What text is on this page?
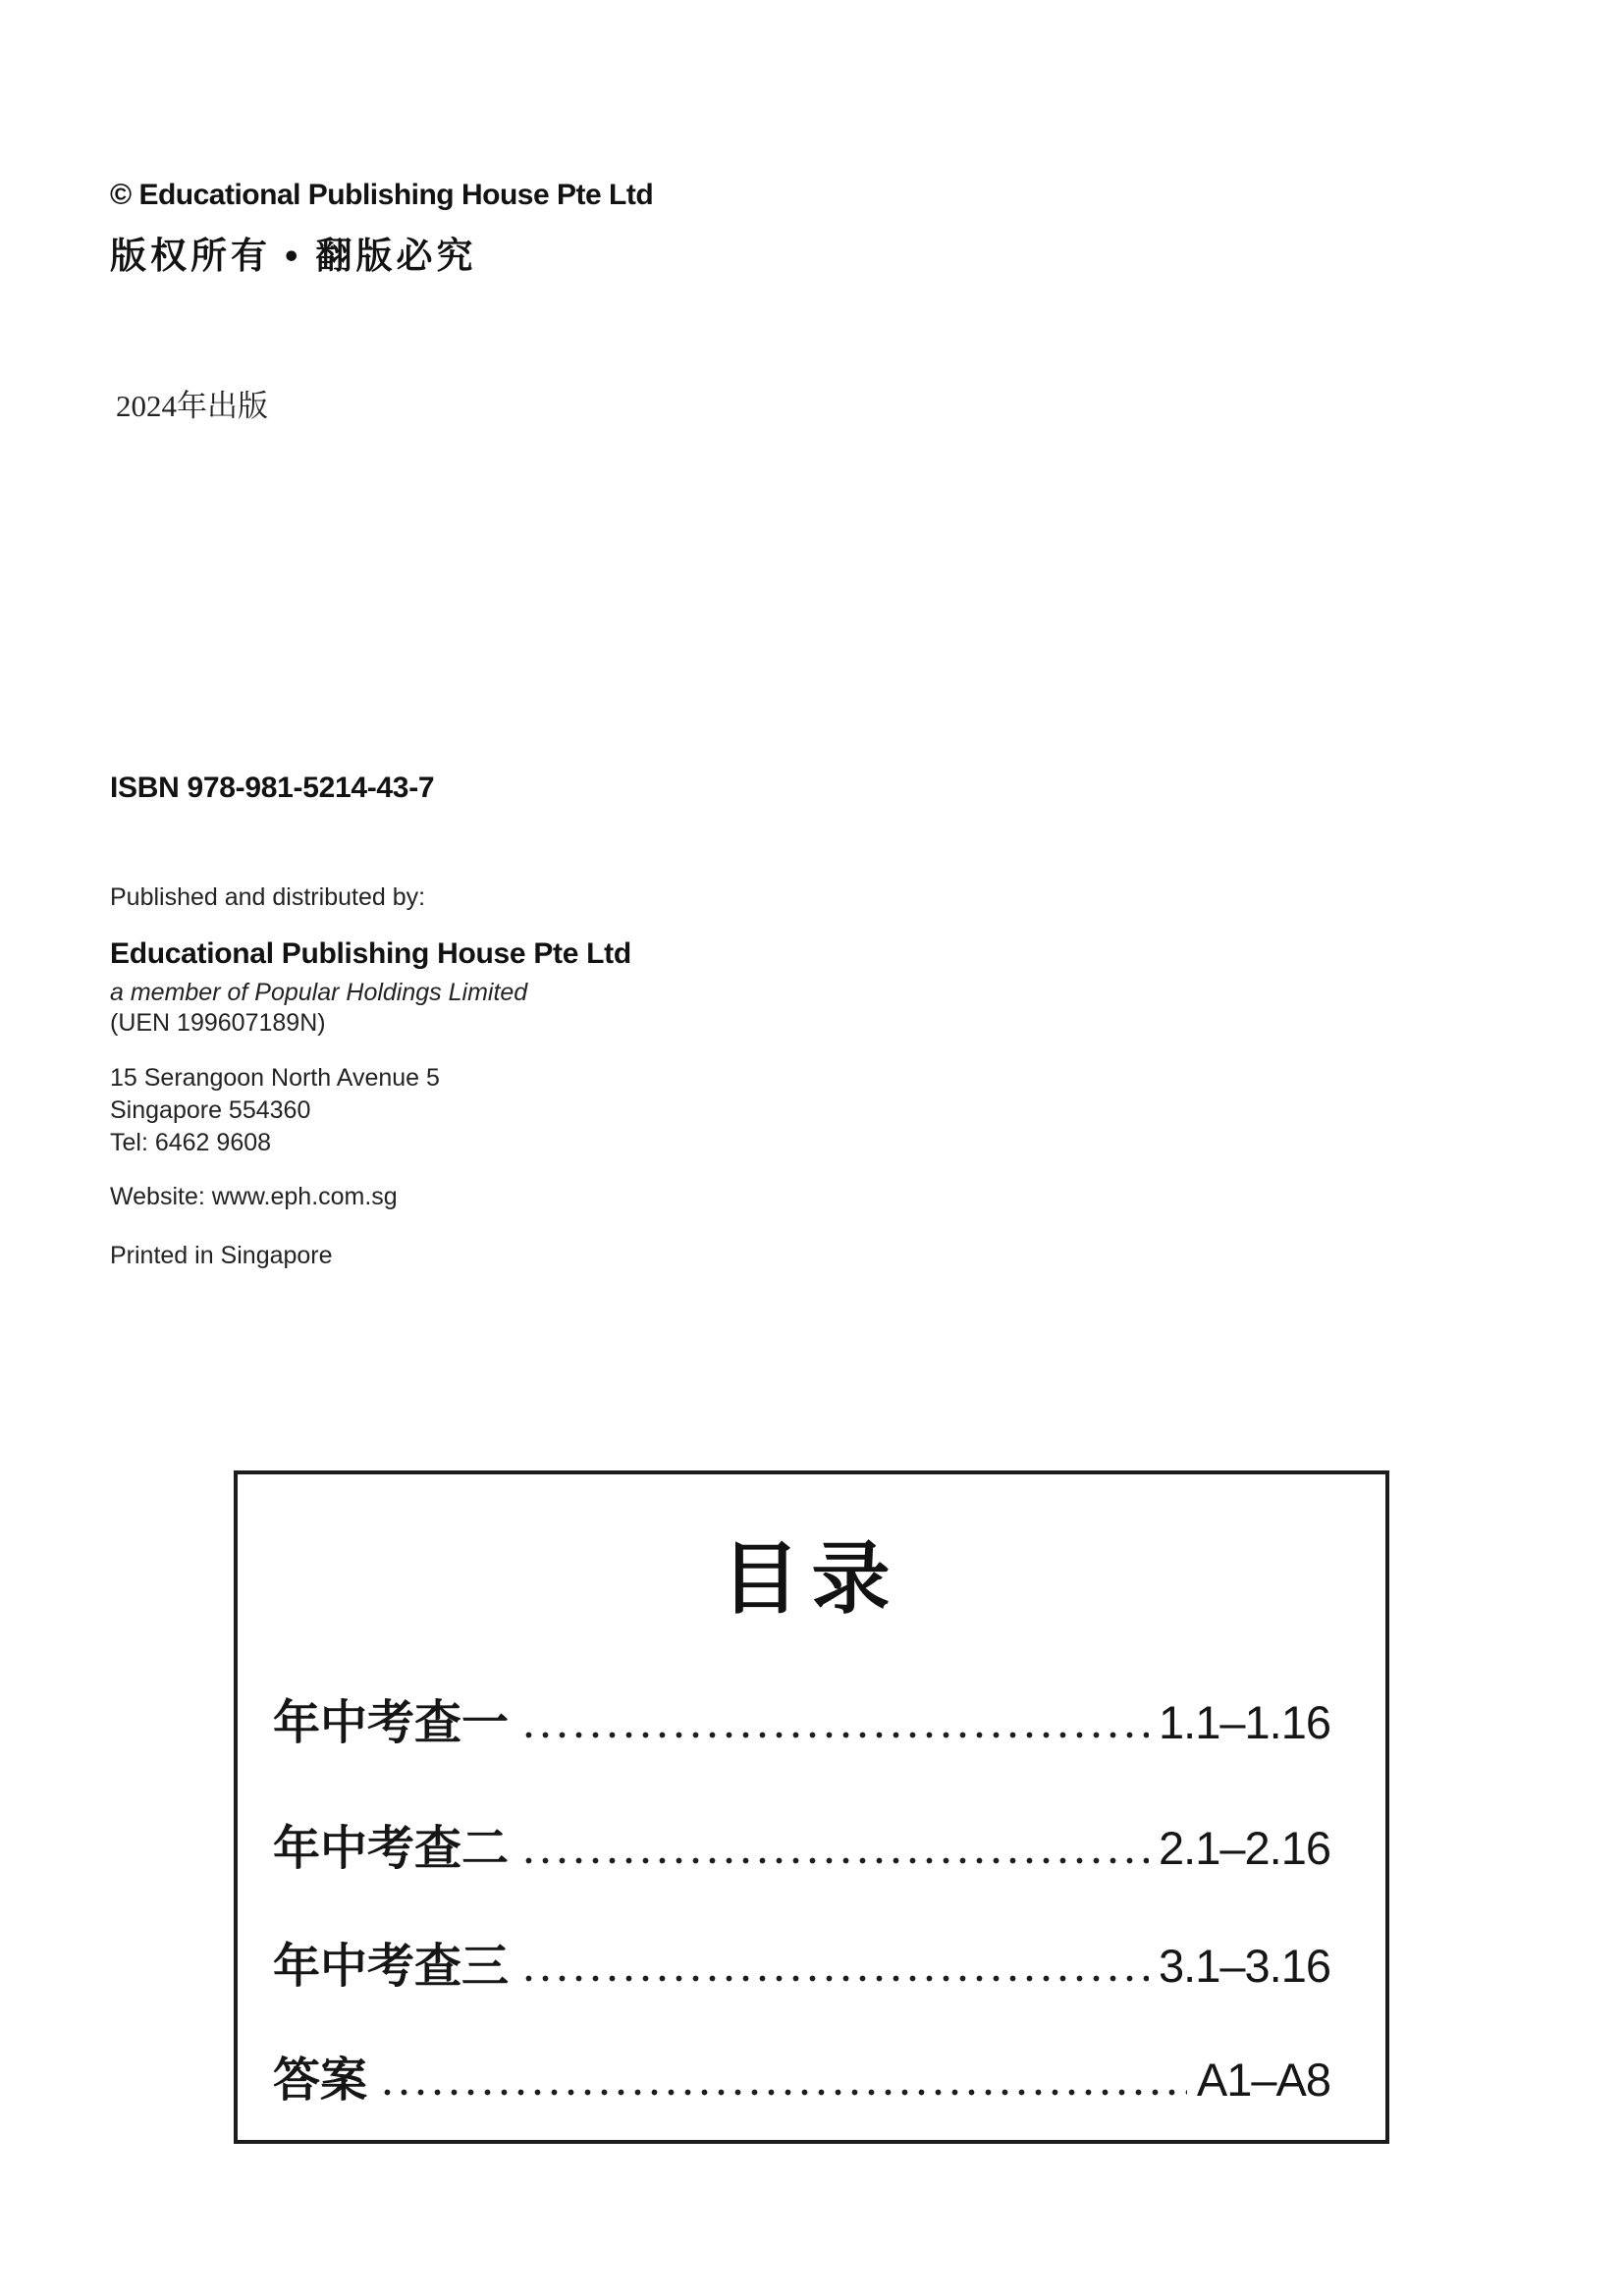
© Educational Publishing House Pte Ltd
版权所有 • 翻版必究
2024年出版
ISBN 978-981-5214-43-7
Published and distributed by:
Educational Publishing House Pte Ltd
a member of Popular Holdings Limited
(UEN 199607189N)
15 Serangoon North Avenue 5
Singapore 554360
Tel: 6462 9608
Website: www.eph.com.sg
Printed in Singapore
目录
年中考查一	1.1–1.16
年中考查二	2.1–2.16
年中考查三	3.1–3.16
答案	A1–A8
